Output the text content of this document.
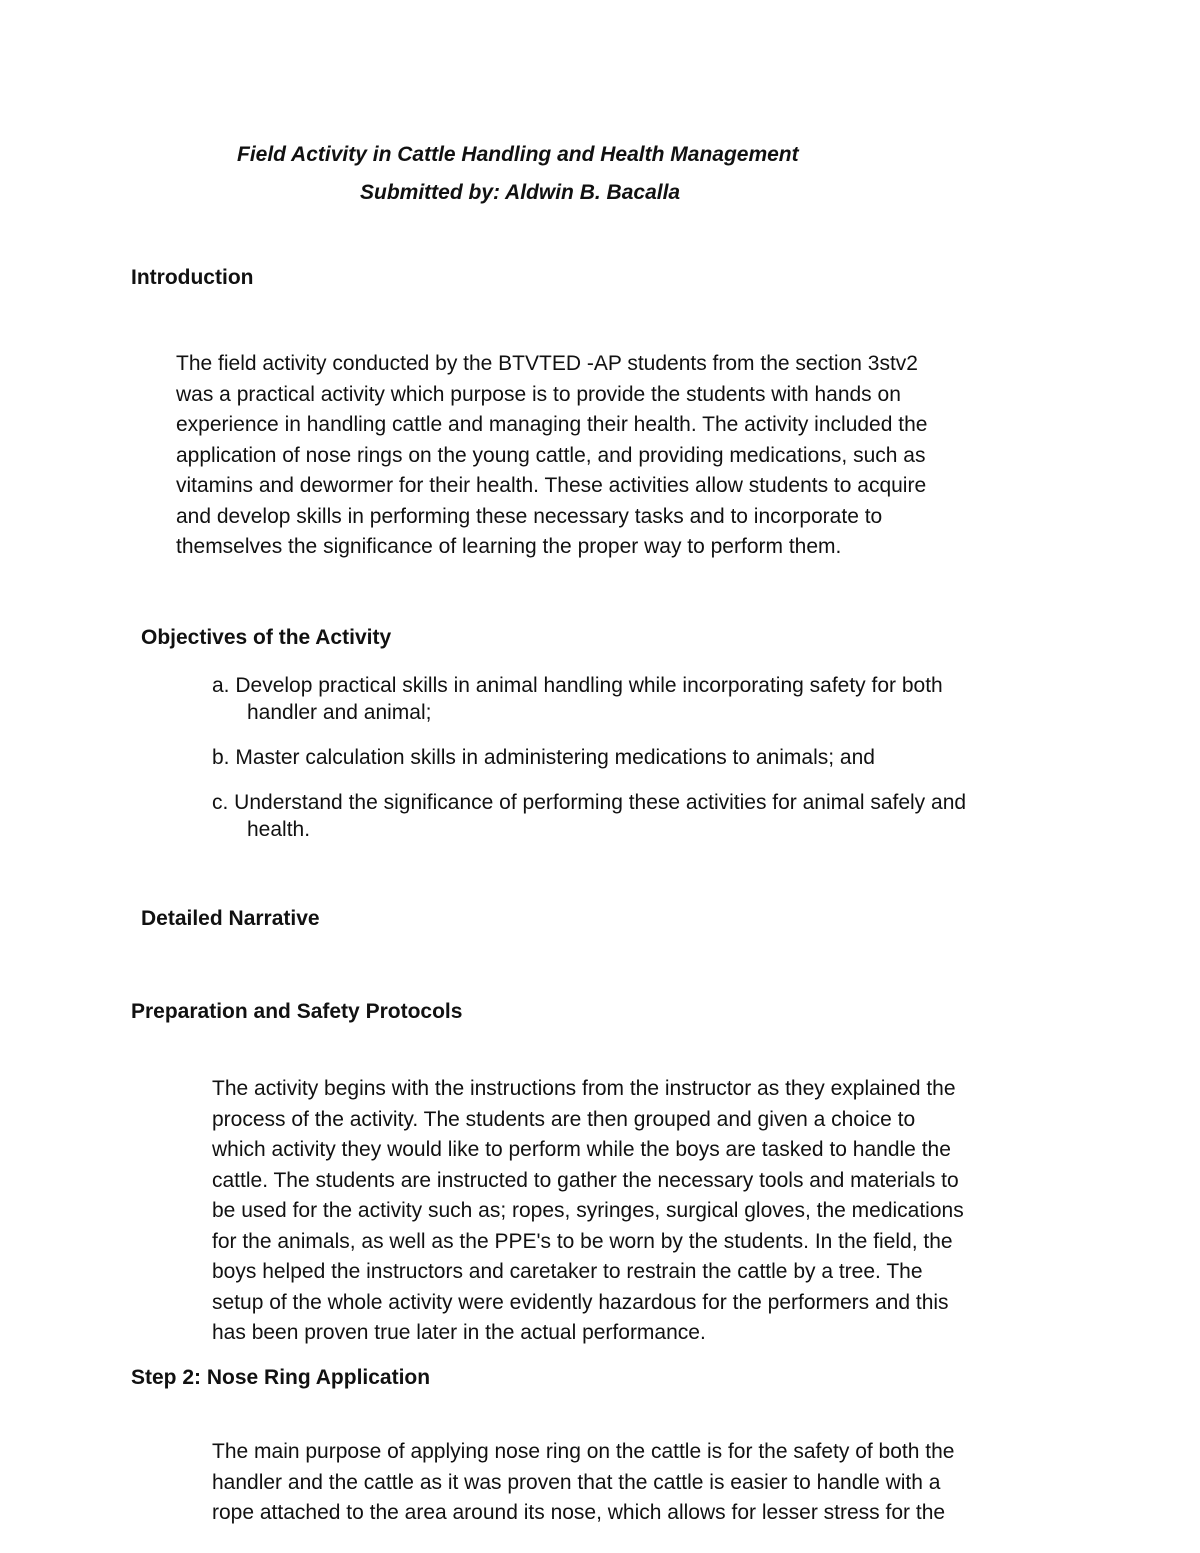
Field Activity in Cattle Handling and Health Management

Submitted by: Aldwin B. Bacalla

Introduction

The field activity conducted by the BTVTED -AP students from the section 3stv2
was a practical activity which purpose is to provide the students with hands on
experience in handling cattle and managing their health. The activity included the
application of nose rings on the young cattle, and providing medications, such as
vitamins and dewormer for their health. These activities allow students to acquire
and develop skills in performing these necessary tasks and to incorporate to
themselves the significance of learning the proper way to perform them.

Objectives of the Activity

a. Develop practical skills in animal handling while incorporating safety for both
handler and animal;
b. Master calculation skills in administering medications to animals; and
c. Understand the significance of performing these activities for animal safely and
health.

Detailed Narrative

Preparation and Safety Protocols

The activity begins with the instructions from the instructor as they explained the
process of the activity. The students are then grouped and given a choice to
which activity they would like to perform while the boys are tasked to handle the
cattle. The students are instructed to gather the necessary tools and materials to
be used for the activity such as; ropes, syringes, surgical gloves, the medications
for the animals, as well as the PPE's to be worn by the students. In the field, the
boys helped the instructors and caretaker to restrain the cattle by a tree. The
setup of the whole activity were evidently hazardous for the performers and this
has been proven true later in the actual performance.

Step 2: Nose Ring Application

The main purpose of applying nose ring on the cattle is for the safety of both the
handler and the cattle as it was proven that the cattle is easier to handle with a
rope attached to the area around its nose, which allows for lesser stress for the
